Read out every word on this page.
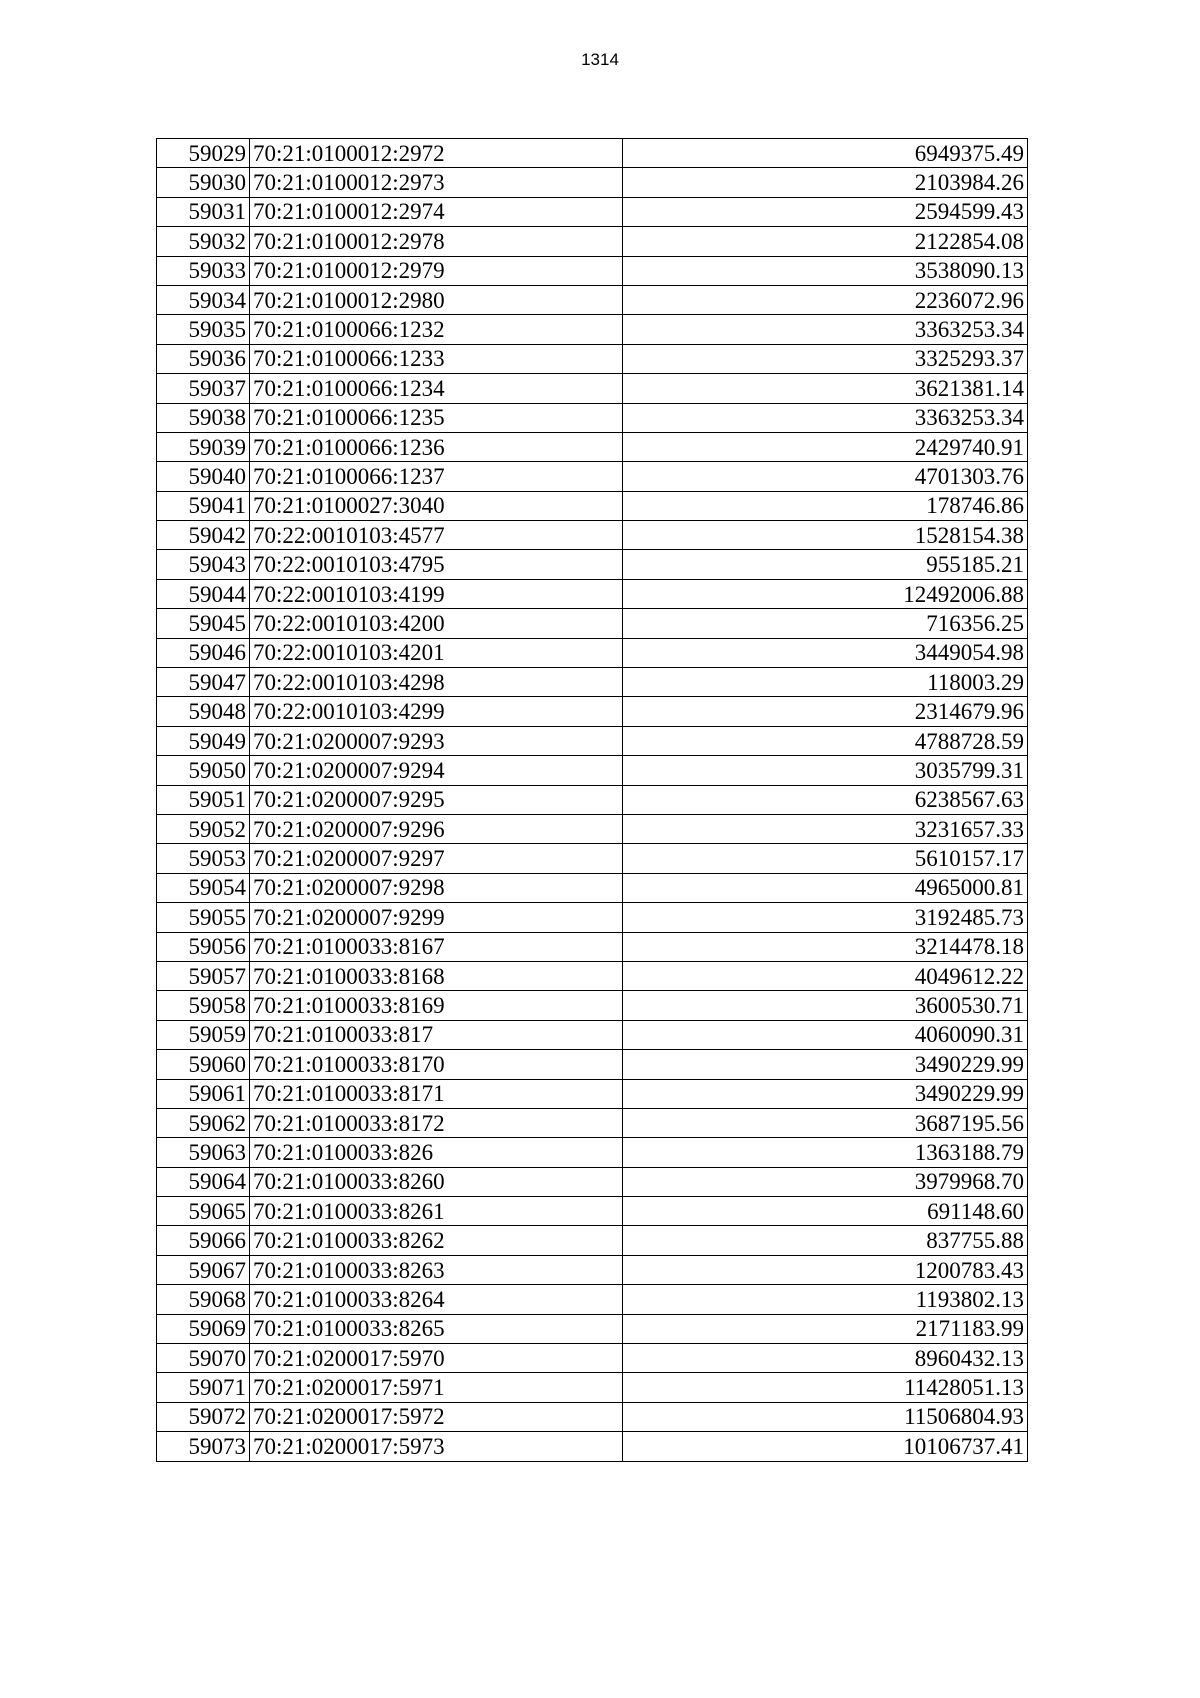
1314
59029	70:21:0100012:2972	6949375.49
59030	70:21:0100012:2973	2103984.26
59031	70:21:0100012:2974	2594599.43
59032	70:21:0100012:2978	2122854.08
59033	70:21:0100012:2979	3538090.13
59034	70:21:0100012:2980	2236072.96
59035	70:21:0100066:1232	3363253.34
59036	70:21:0100066:1233	3325293.37
59037	70:21:0100066:1234	3621381.14
59038	70:21:0100066:1235	3363253.34
59039	70:21:0100066:1236	2429740.91
59040	70:21:0100066:1237	4701303.76
59041	70:21:0100027:3040	178746.86
59042	70:22:0010103:4577	1528154.38
59043	70:22:0010103:4795	955185.21
59044	70:22:0010103:4199	12492006.88
59045	70:22:0010103:4200	716356.25
59046	70:22:0010103:4201	3449054.98
59047	70:22:0010103:4298	118003.29
59048	70:22:0010103:4299	2314679.96
59049	70:21:0200007:9293	4788728.59
59050	70:21:0200007:9294	3035799.31
59051	70:21:0200007:9295	6238567.63
59052	70:21:0200007:9296	3231657.33
59053	70:21:0200007:9297	5610157.17
59054	70:21:0200007:9298	4965000.81
59055	70:21:0200007:9299	3192485.73
59056	70:21:0100033:8167	3214478.18
59057	70:21:0100033:8168	4049612.22
59058	70:21:0100033:8169	3600530.71
59059	70:21:0100033:817	4060090.31
59060	70:21:0100033:8170	3490229.99
59061	70:21:0100033:8171	3490229.99
59062	70:21:0100033:8172	3687195.56
59063	70:21:0100033:826	1363188.79
59064	70:21:0100033:8260	3979968.70
59065	70:21:0100033:8261	691148.60
59066	70:21:0100033:8262	837755.88
59067	70:21:0100033:8263	1200783.43
59068	70:21:0100033:8264	1193802.13
59069	70:21:0100033:8265	2171183.99
59070	70:21:0200017:5970	8960432.13
59071	70:21:0200017:5971	11428051.13
59072	70:21:0200017:5972	11506804.93
59073	70:21:0200017:5973	10106737.41
